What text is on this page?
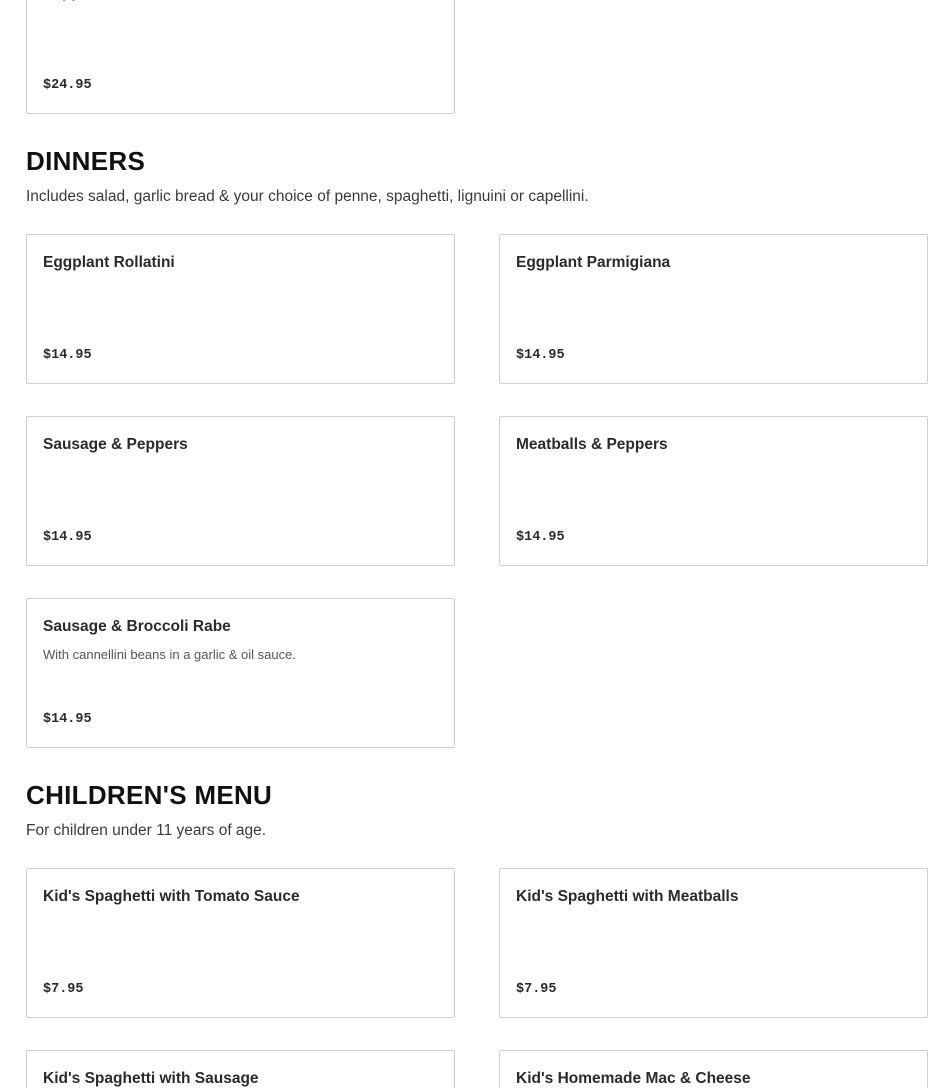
$24.95
DINNERS

Includes salad, garlic bread & your choice of penne, spaghetti, lignuini or capellini.

Eggplant Rollatini
$14.95
Eggplant Parmigiana
$14.95
Sausage & Peppers
$14.95
Meatballs & Peppers
$14.95
Sausage & Broccoli Rabe
With cannellini beans in a garlic & oil sauce.
$14.95
CHILDREN'S MENU

For children under 11 years of age.

Kid's Spaghetti with Tomato Sauce
$7.95
Kid's Spaghetti with Meatballs
$7.95
Kid's Spaghetti with Sausage	Kid's Homemade Mac & Cheese
